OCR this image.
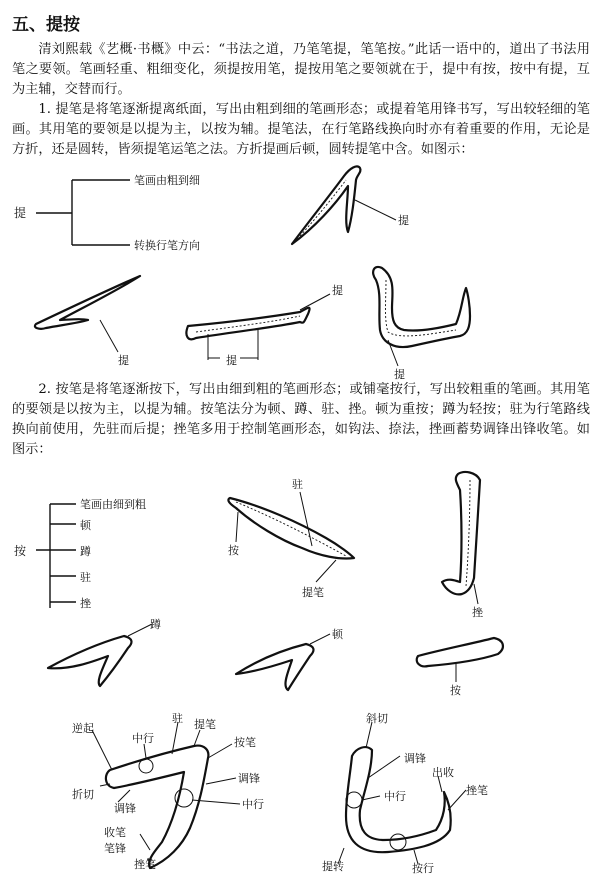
五、提按

清刘熙载《艺概·书概》中云：“书法之道，乃笔笔提，笔笔按。”此话一语中的，道出了书法用笔之要领。笔画轻重、粗细变化，须提按用笔，提按用笔之要领就在于，提中有按，按中有提，互为主辅，交替而行。

1. 提笔是将笔逐渐提离纸面，写出由粗到细的笔画形态；或提着笔用锋书写，写出较轻细的笔画。其用笔的要领是以提为主，以按为辅。提笔法，在行笔路线换向时亦有着重要的作用，无论是方折，还是圆转，皆须提笔运笔之法。方折提画后顿，圆转提笔中含。如图示：

提
笔画由粗到细
转换行笔方向
提
提
提
提
提

2. 按笔是将笔逐渐按下，写出由细到粗的笔画形态；或铺毫按行，写出较粗重的笔画。其用笔的要领是以按为主，以提为辅。按笔法分为顿、蹲、驻、挫。顿为重按；蹲为轻按；驻为行笔路线换向前使用，先驻而后提；挫笔多用于控制笔画形态，如钩法、捺法，挫画蓄势调锋出锋收笔。如图示：

按
笔画由细到粗
顿
蹲
驻
挫
驻
按
提笔
挫
蹲
顿
按
逆起
中行
驻 提笔
按笔
调锋
折切
调锋	中行
收笔
笔锋
挫笔
斜切
调锋
出收
中行	挫笔
提转	按行
